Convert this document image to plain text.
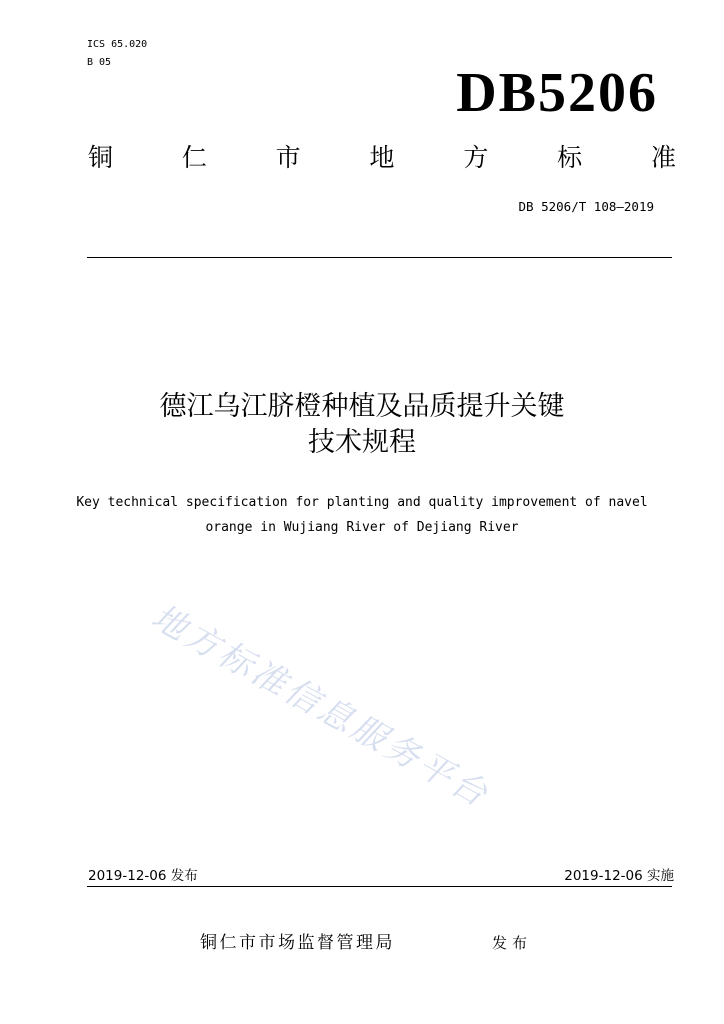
ICS 65.020
B 05	DB5206
铜	仁	市	地	方	标	准
DB 5206/T 108—2019
德江乌江脐橙种植及品质提升关键
技术规程
Key technical specification for planting and quality improvement of navel
orange in Wujiang River of Dejiang River
地方标准信息服务平台
2019-12-06 发布	2019-12-06 实施
铜仁市市场监督管理局	发布
